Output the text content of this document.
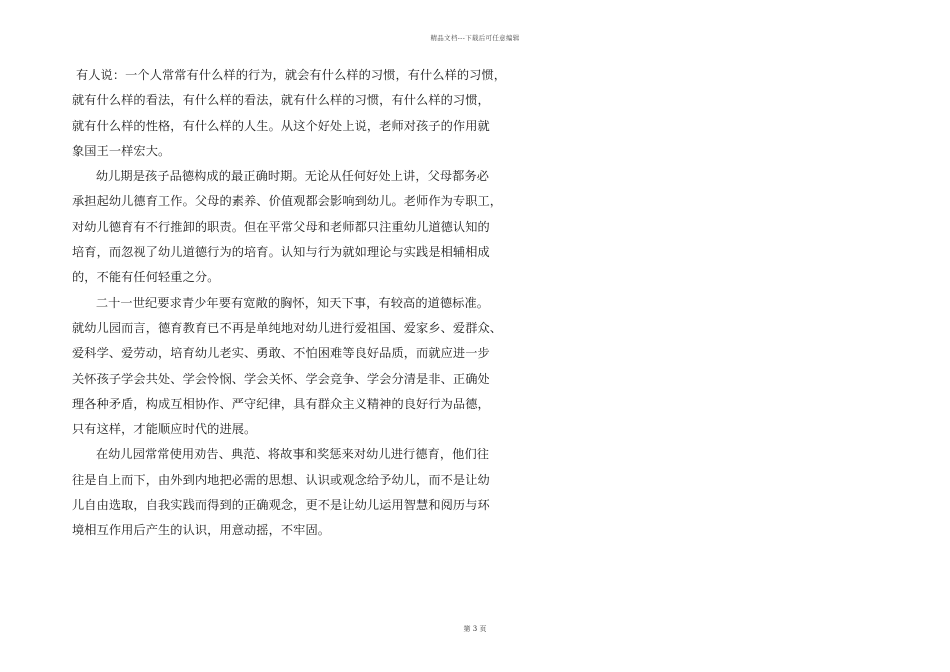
精品文档---下载后可任意编辑
有人说：一个人常常有什么样的行为，就会有什么样的习惯，有什么样的习惯，
就有什么样的看法，有什么样的看法，就有什么样的习惯，有什么样的习惯，
就有什么样的性格，有什么样的人生。从这个好处上说，老师对孩子的作用就
象国王一样宏大。
幼儿期是孩子品德构成的最正确时期。无论从任何好处上讲，父母都务必
承担起幼儿德育工作。父母的素养、价值观都会影响到幼儿。老师作为专职工，
对幼儿德育有不行推卸的职责。但在平常父母和老师都只注重幼儿道德认知的
培育，而忽视了幼儿道德行为的培育。认知与行为就如理论与实践是相辅相成
的，不能有任何轻重之分。
二十一世纪要求青少年要有宽敞的胸怀，知天下事，有较高的道德标准。
就幼儿园而言，德育教育已不再是单纯地对幼儿进行爱祖国、爱家乡、爱群众、
爱科学、爱劳动，培育幼儿老实、勇敢、不怕困难等良好品质，而就应进一步
关怀孩子学会共处、学会怜悯、学会关怀、学会竞争、学会分清是非、正确处
理各种矛盾，构成互相协作、严守纪律，具有群众主义精神的良好行为品德，
只有这样，才能顺应时代的进展。
在幼儿园常常使用劝告、典范、将故事和奖惩来对幼儿进行德育，他们往
往是自上而下，由外到内地把必需的思想、认识或观念给予幼儿，而不是让幼
儿自由选取，自我实践而得到的正确观念，更不是让幼儿运用智慧和阅历与环
境相互作用后产生的认识，用意动摇，不牢固。
第 3 页
